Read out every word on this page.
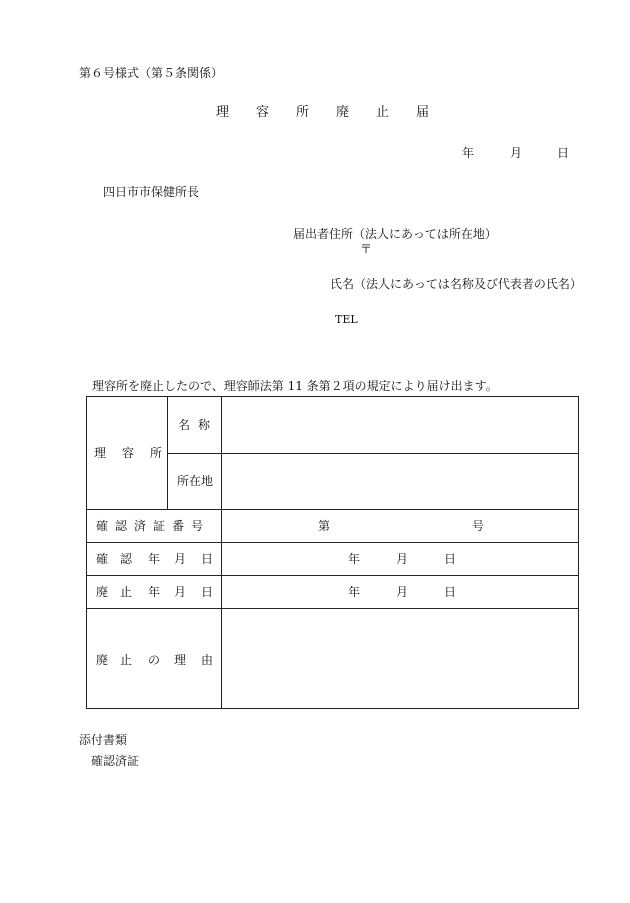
第６号様式（第５条関係）
理 容 所 廃 止 届
年	月	日
四日市市保健所長
届出者住所（法人にあっては所在地）
〒
氏名（法人にあっては名称及び代表者の氏名）
TEL
理容所を廃止したので、理容師法第 11 条第２項の規定により届け出ます。
理 容 所
名 称
所在地
確 認 済 証 番 号	第	号
確 認 年 月 日	年	月	日
廃 止 年 月 日	年	月	日
廃 止 の 理 由
添付書類
確認済証
